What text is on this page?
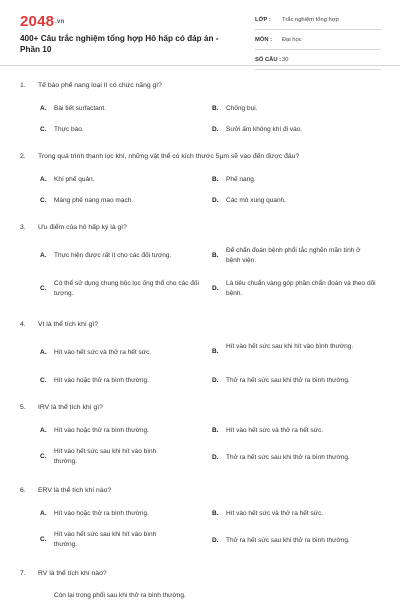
2048.vn
400+ Câu trắc nghiệm tổng hợp Hô hấp có đáp án - Phần 10
LỚP : Trắc nghiệm tổng hợp
MÔN : Đại học
SỐ CÂU : 30
1. Tế bào phế nang loại II có chức năng gì?
A. Bài tiết surfactant.	B. Chống bụi.
C. Thực bào.	D. Sưởi ấm không khí đi vào.
2. Trong quá trình thanh lọc khí, những vật thể có kích thước 5μm sẽ vào đến được đâu?
A. Khí phế quản.	B. Phế nang.
C. Màng phế nang mao mạch.	D. Các mô xung quanh.
3. Ưu điểm của hô hấp ký là gì?
A. Thực hiện được rất ít cho các đối tượng.	B.
Để chẩn đoán bệnh phổi tắc nghẽn mãn tính ở bệnh viện.
C.
Có thể sử dụng chung bộc lọc ống thổ cho các đối tượng.
D.
Là tiêu chuẩn vàng góp phần chẩn đoán và theo dõi bệnh.
4. Vt là thể tích khí gì?
A. Hít vào hết sức và thở ra hết sức.	B.
Hít vào hết sức sau khi hít vào bình thường.
C. Hít vào hoặc thở ra bình thường.	D. Thở ra hết sức sau khi thở ra bình thường.
5. IRV là thể tích khí gì?
A. Hít vào hoặc thở ra bình thường.	B. Hít vào hết sức và thở ra hết sức.
C.
Hít vào hết sức sau khi hít vào bình thường.	D. Thở ra hết sức sau khi thở ra bình thường.
6. ERV là thể tích khí nào?
A. Hít vào hoặc thở ra bình thường.	B. Hít vào hết sức và thở ra hết sức.
C.
Hít vào hết sức sau khi hít vào bình thường.	D. Thở ra hết sức sau khi thở ra bình thường.
7. RV là thể tích khí nào?
Còn lại trong phổi sau khi thở ra bình thường.
